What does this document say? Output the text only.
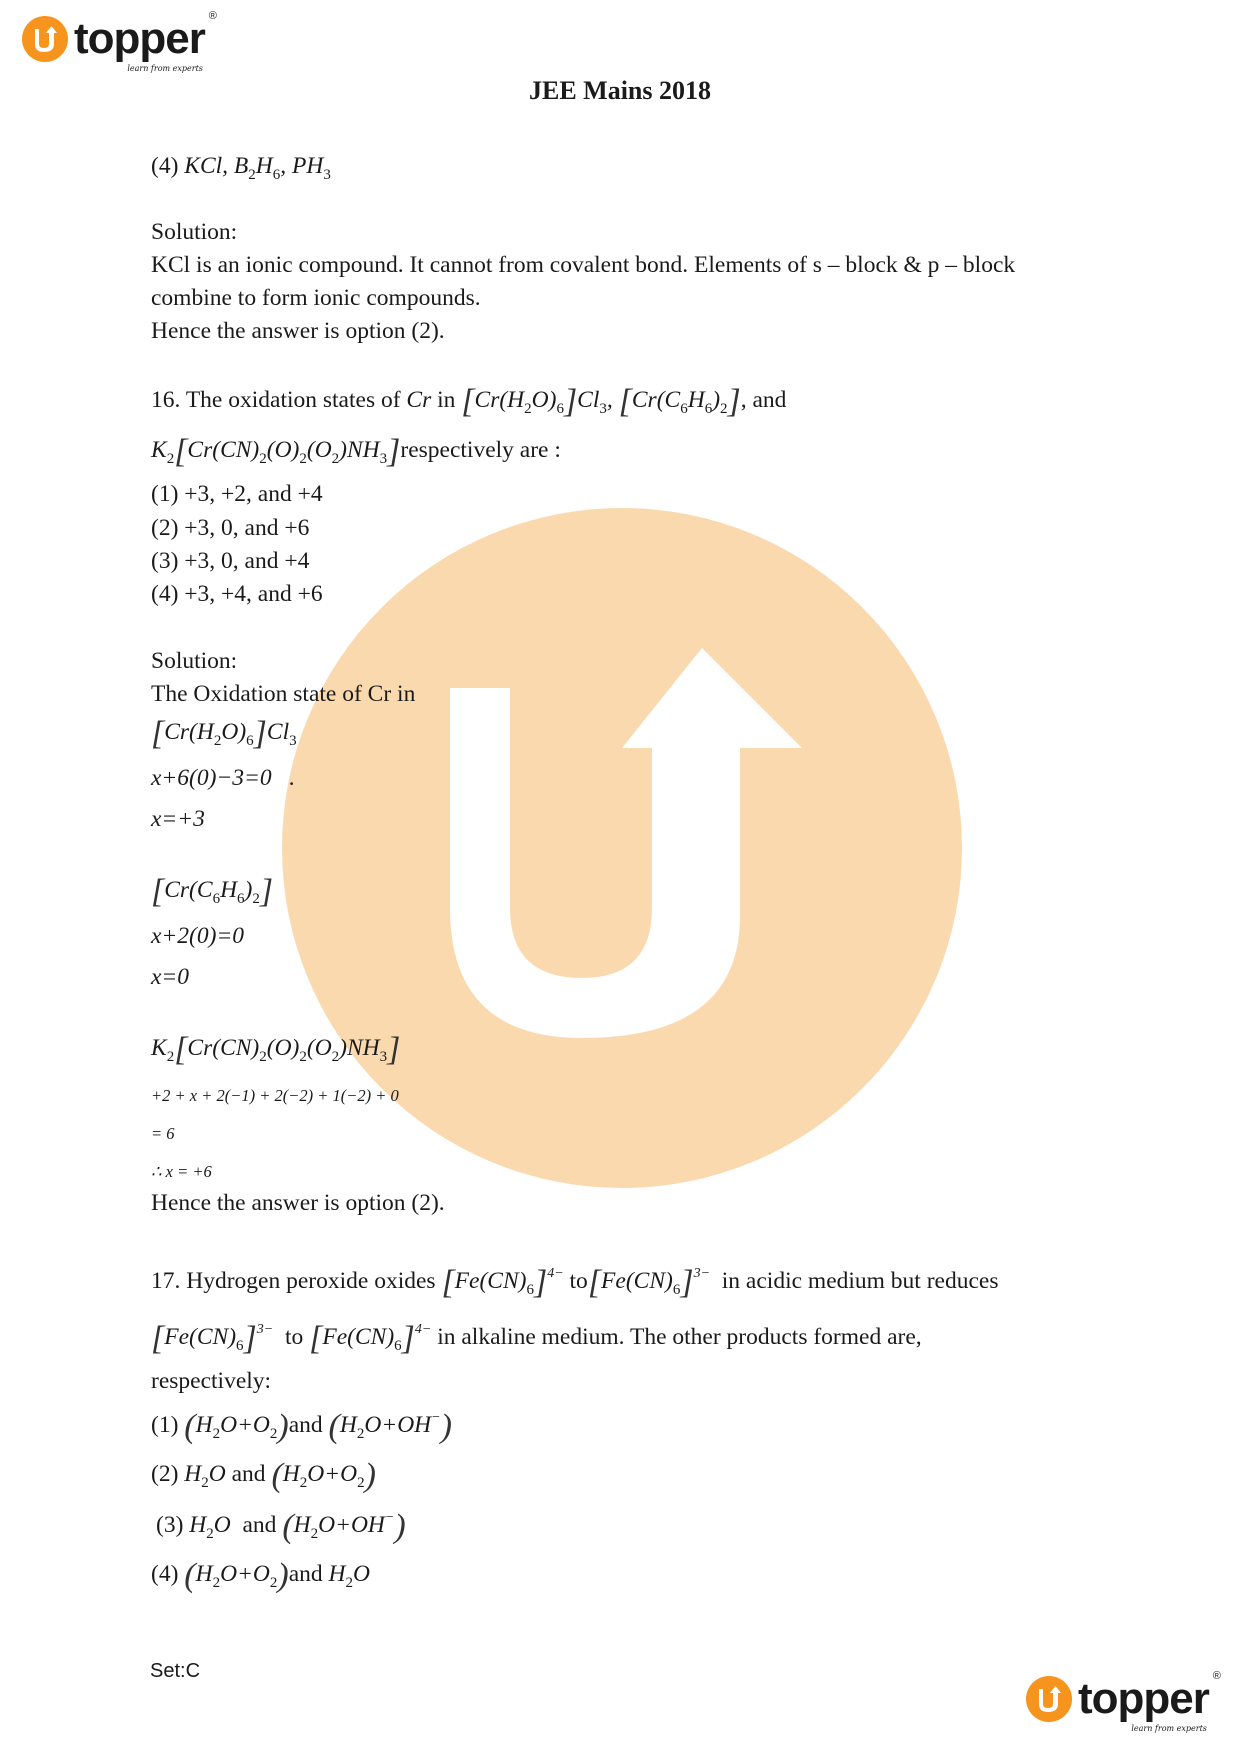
topper ®
learn from experts
JEE Mains 2018
(4) KCl, $B_2H_6$, $PH_3$
Solution:
KCl is an ionic compound. It cannot from covalent bond. Elements of s – block & p – block
combine to form ionic compounds.
Hence the answer is option (2).
16. The oxidation states of Cr in $[Cr(H_2O)_6]Cl_3$, $[Cr(C_6H_6)_2]$, and
$K_2[Cr(CN)_2(O)_2(O_2)NH_3]respectively$ are :
(1) +3, +2, and +4
(2) +3, 0, and +6
(3) +3, 0, and +4
(4) +3, +4, and +6
Solution:
The Oxidation state of Cr in
$[Cr(H_2O)_6]Cl_3$
x+6(0)−3=0 .
x=+3
$[Cr(C_6H_6)_2]$
x+2(0)=0
x=0
$K_2[Cr(CN)_2(O)_2(O_2)NH_3]$
+2 + x + 2(−1) + 2(−2) + 1(−2) + 0
= 6
∴ x = +6
Hence the answer is option (2).
17. Hydrogen peroxide oxides $[Fe(CN)_6]^{4-}$ $to[Fe(CN)_6]^{3-}$ in acidic medium but reduces
$[Fe(CN)_6]^{3-}$ to $[Fe(CN)_6]^{4-}$ in alkaline medium. The other products formed are,
respectively:
(1) $(H_2O+O_2)and$ $(H_2O+OH^-)$
(2) $H_2O$ and $(H_2O+O_2)$
(3) $H_2O$ and $(H_2O+OH^-)$
(4) $(H_2O+O_2)and$ $H_2O$
Set:C
topper ®
learn from experts
